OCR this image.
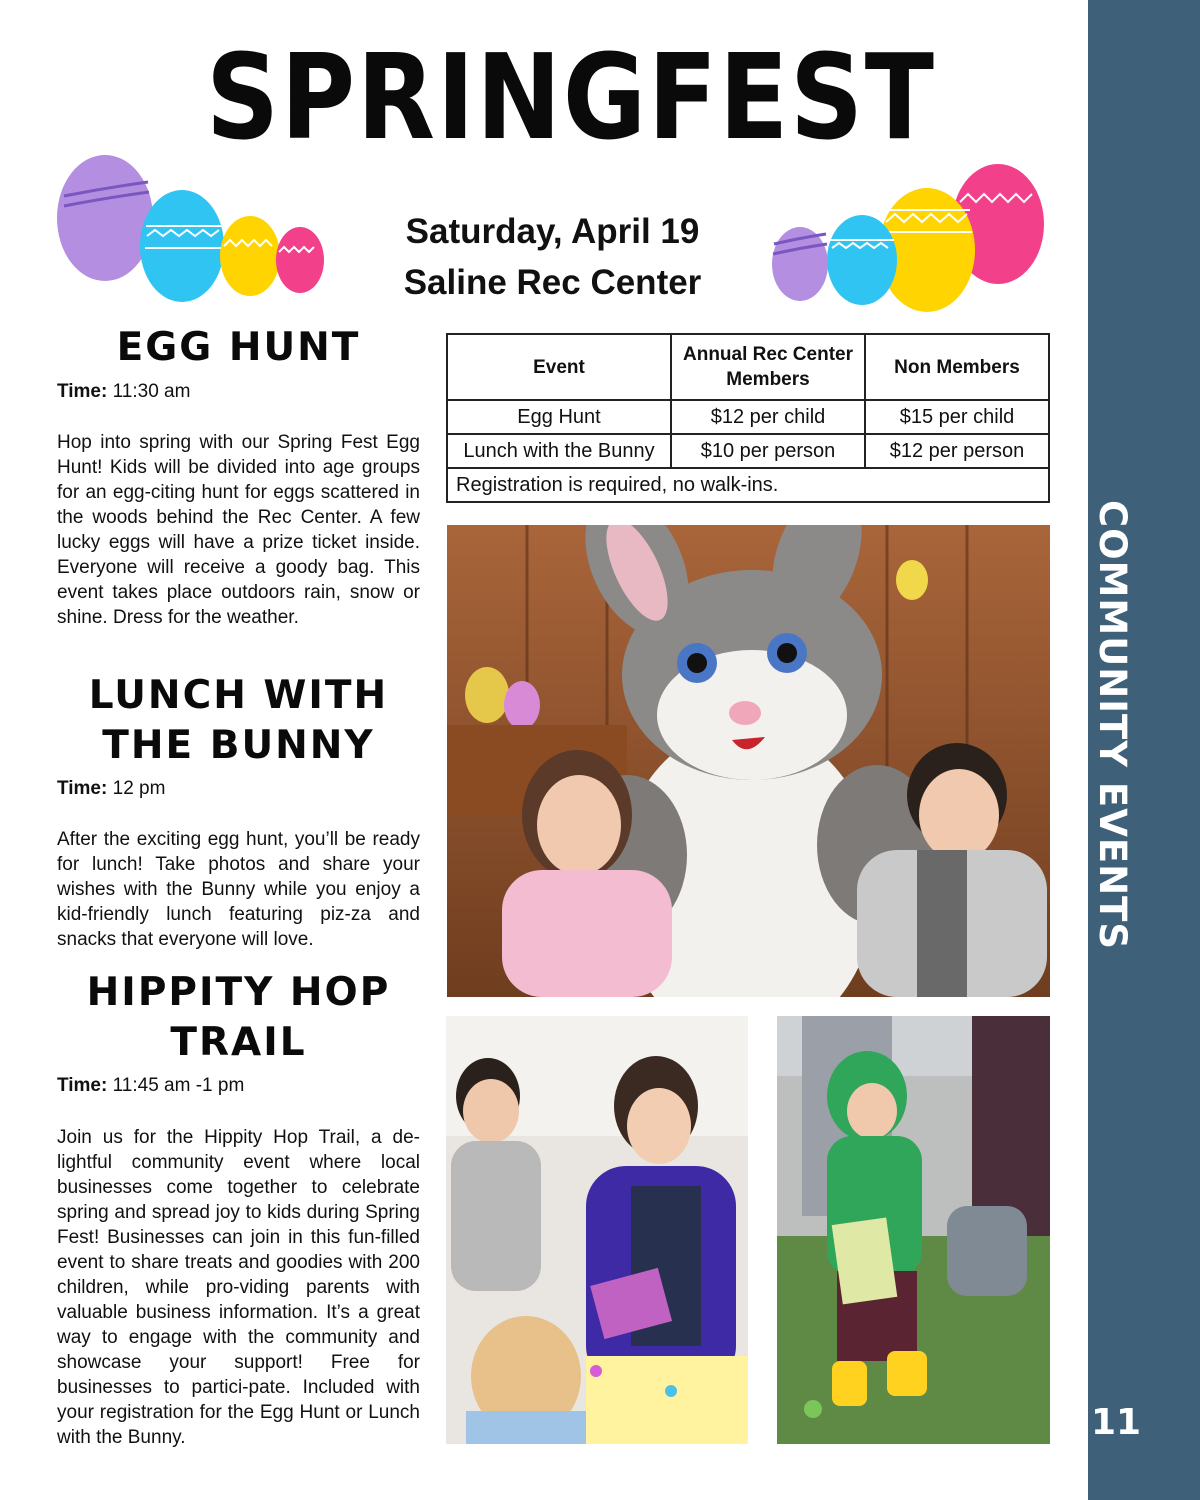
COMMUNITY EVENTS
11
SPRINGFEST
Saturday, April 19
Saline Rec Center
EGG HUNT
Time: 11:30 am

Hop into spring with our Spring Fest Egg Hunt! Kids will be divided into age groups for an egg-citing hunt for eggs scattered in the woods behind the Rec Center. A few lucky eggs will have a prize ticket inside. Everyone will receive a goody bag. This event takes place outdoors rain, snow or shine. Dress for the weather.

LUNCH WITH
THE BUNNY
Time: 12 pm

After the exciting egg hunt, you’ll be ready for lunch! Take photos and share your wishes with the Bunny while you enjoy a kid-friendly lunch featuring piz-za and snacks that everyone will love.

HIPPITY HOP
TRAIL
Time: 11:45 am -1 pm

Join us for the Hippity Hop Trail, a de-lightful community event where local businesses come together to celebrate spring and spread joy to kids during Spring Fest! Businesses can join in this fun-filled event to share treats and goodies with 200 children, while pro-viding parents with valuable business information. It’s a great way to engage with the community and showcase your support! Free for businesses to partici-pate. Included with your registration for the Egg Hunt or Lunch with the Bunny.

Event	Annual Rec Center Members	Non Members
Egg Hunt	$12 per child	$15 per child
Lunch with the Bunny	$10 per person	$12 per person
Registration is required, no walk-ins.		
